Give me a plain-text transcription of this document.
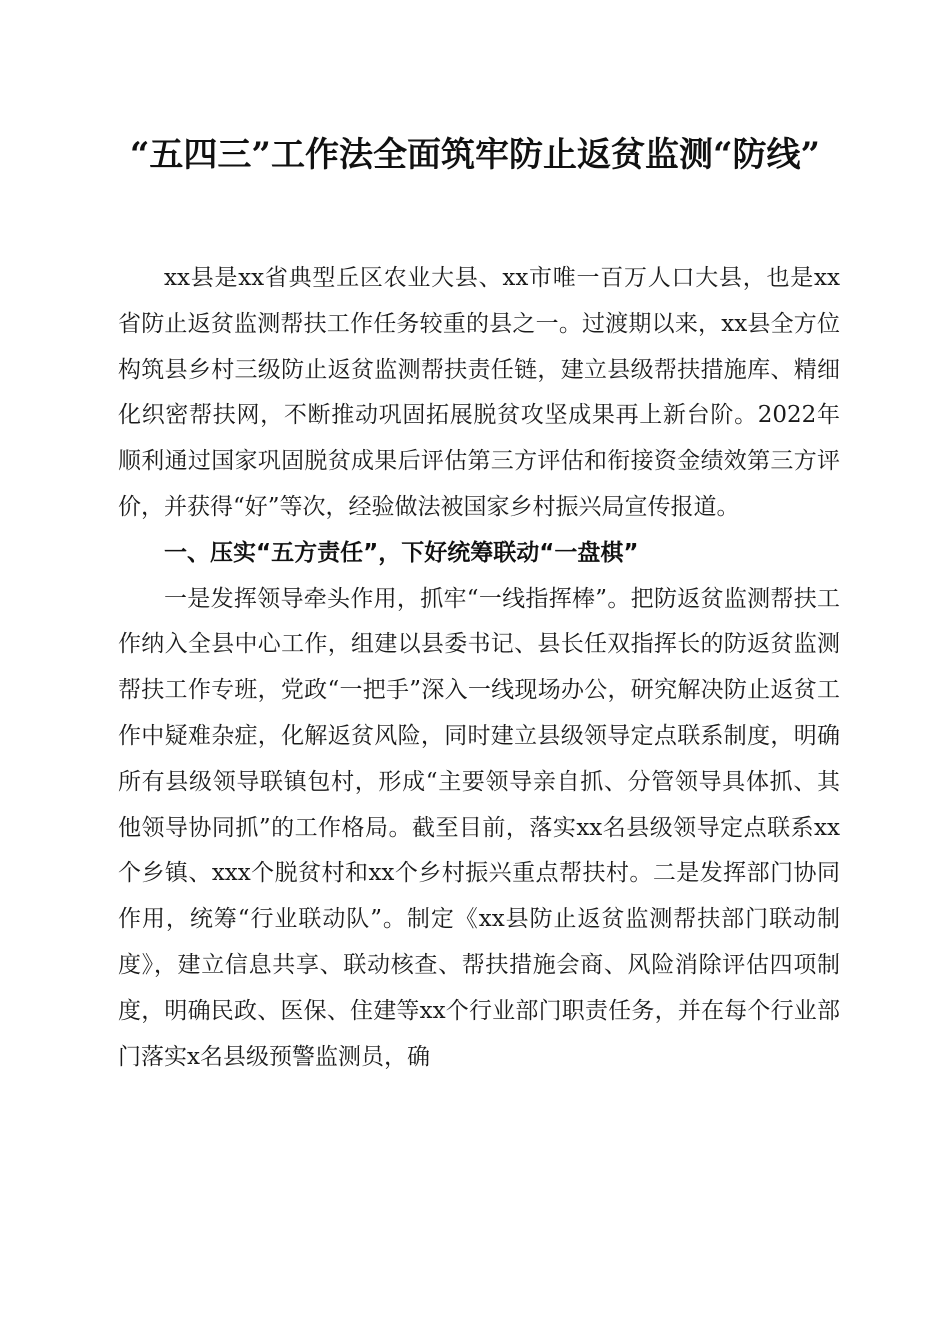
“五四三”工作法全面筑牢防止返贫监测“防线”

xx县是xx省典型丘区农业大县、xx市唯一百万人口大县，也是xx省防止返贫监测帮扶工作任务较重的县之一。过渡期以来，xx县全方位构筑县乡村三级防止返贫监测帮扶责任链，建立县级帮扶措施库、精细化织密帮扶网，不断推动巩固拓展脱贫攻坚成果再上新台阶。2022年顺利通过国家巩固脱贫成果后评估第三方评估和衔接资金绩效第三方评价，并获得“好”等次，经验做法被国家乡村振兴局宣传报道。

一、压实“五方责任”，下好统筹联动“一盘棋”

一是发挥领导牵头作用，抓牢“一线指挥棒”。把防返贫监测帮扶工作纳入全县中心工作，组建以县委书记、县长任双指挥长的防返贫监测帮扶工作专班，党政“一把手”深入一线现场办公，研究解决防止返贫工作中疑难杂症，化解返贫风险，同时建立县级领导定点联系制度，明确所有县级领导联镇包村，形成“主要领导亲自抓、分管领导具体抓、其他领导协同抓”的工作格局。截至目前，落实xx名县级领导定点联系xx个乡镇、xxx个脱贫村和xx个乡村振兴重点帮扶村。二是发挥部门协同作用，统筹“行业联动队”。制定《xx县防止返贫监测帮扶部门联动制度》，建立信息共享、联动核查、帮扶措施会商、风险消除评估四项制度，明确民政、医保、住建等xx个行业部门职责任务，并在每个行业部门落实x名县级预警监测员，确
